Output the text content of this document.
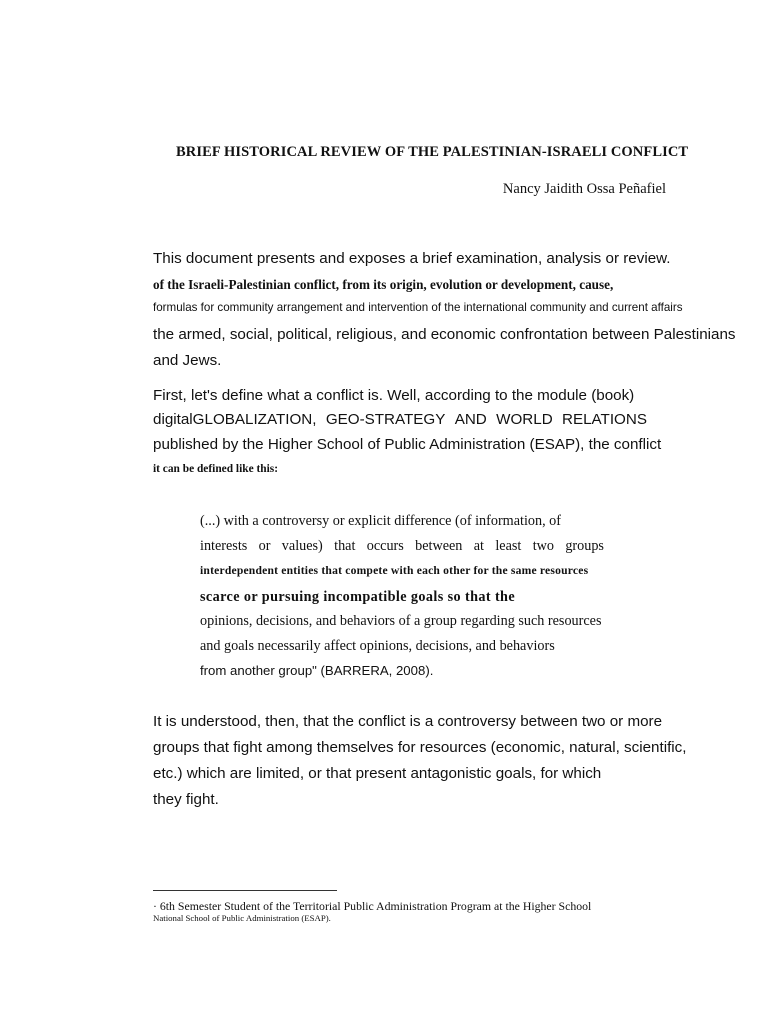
BRIEF HISTORICAL REVIEW OF THE PALESTINIAN-ISRAELI CONFLICT
Nancy Jaidith Ossa Peñafiel
This document presents and exposes a brief examination, analysis or review.
of the Israeli-Palestinian conflict, from its origin, evolution or development, cause,
formulas for community arrangement and intervention of the international community and current affairs
the armed, social, political, religious, and economic confrontation between Palestinians
and Jews.
First, let's define what a conflict is. Well, according to the module (book)
digitalGLOBALIZATION, GEO-STRATEGY AND WORLD RELATIONS
published by the Higher School of Public Administration (ESAP), the conflict
it can be defined like this:
(...) with a controversy or explicit difference (of information, of
interests or values) that occurs between at least two groups
interdependent entities that compete with each other for the same resources
scarce or pursuing incompatible goals so that the
opinions, decisions, and behaviors of a group regarding such resources
and goals necessarily affect opinions, decisions, and behaviors
from another group" (BARRERA, 2008).
It is understood, then, that the conflict is a controversy between two or more
groups that fight among themselves for resources (economic, natural, scientific,
etc.) which are limited, or that present antagonistic goals, for which
they fight.
· 6th Semester Student of the Territorial Public Administration Program at the Higher School
National School of Public Administration (ESAP).
